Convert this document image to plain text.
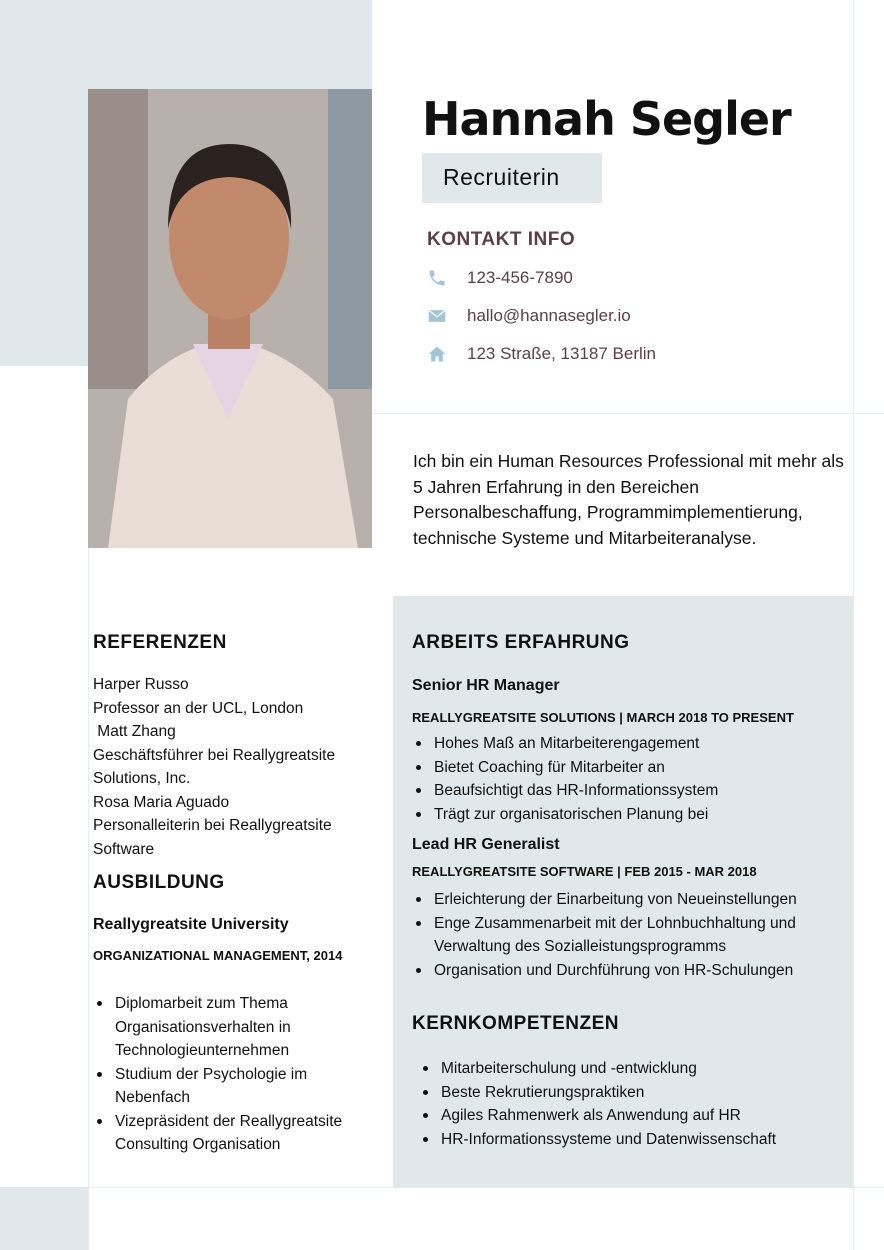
Hannah Segler
Recruiterin
KONTAKT INFO
123-456-7890
hallo@hannasegler.io
123 Straße, 13187 Berlin
Ich bin ein Human Resources Professional mit mehr als 5 Jahren Erfahrung in den Bereichen Personalbeschaffung, Programmimplementierung, technische Systeme und Mitarbeiteranalyse.
REFERENZEN
Harper Russo
Professor an der UCL, London
Matt Zhang
Geschäftsführer bei Reallygreatsite
Solutions, Inc.
Rosa Maria Aguado
Personalleiterin bei Reallygreatsite
Software
AUSBILDUNG
Reallygreatsite University
ORGANIZATIONAL MANAGEMENT, 2014
Diplomarbeit zum Thema Organisationsverhalten in Technologieunternehmen
Studium der Psychologie im Nebenfach
Vizepräsident der Reallygreatsite Consulting Organisation
ARBEITS ERFAHRUNG
Senior HR Manager
REALLYGREATSITE SOLUTIONS | MARCH 2018 TO PRESENT
Hohes Maß an Mitarbeiterengagement
Bietet Coaching für Mitarbeiter an
Beaufsichtigt das HR-Informationssystem
Trägt zur organisatorischen Planung bei
Lead HR Generalist
REALLYGREATSITE SOFTWARE | FEB 2015 - MAR 2018
Erleichterung der Einarbeitung von Neueinstellungen
Enge Zusammenarbeit mit der Lohnbuchhaltung und Verwaltung des Sozialleistungsprogramms
Organisation und Durchführung von HR-Schulungen
KERNKOMPETENZEN
Mitarbeiterschulung und -entwicklung
Beste Rekrutierungspraktiken
Agiles Rahmenwerk als Anwendung auf HR
HR-Informationssysteme und Datenwissenschaft
